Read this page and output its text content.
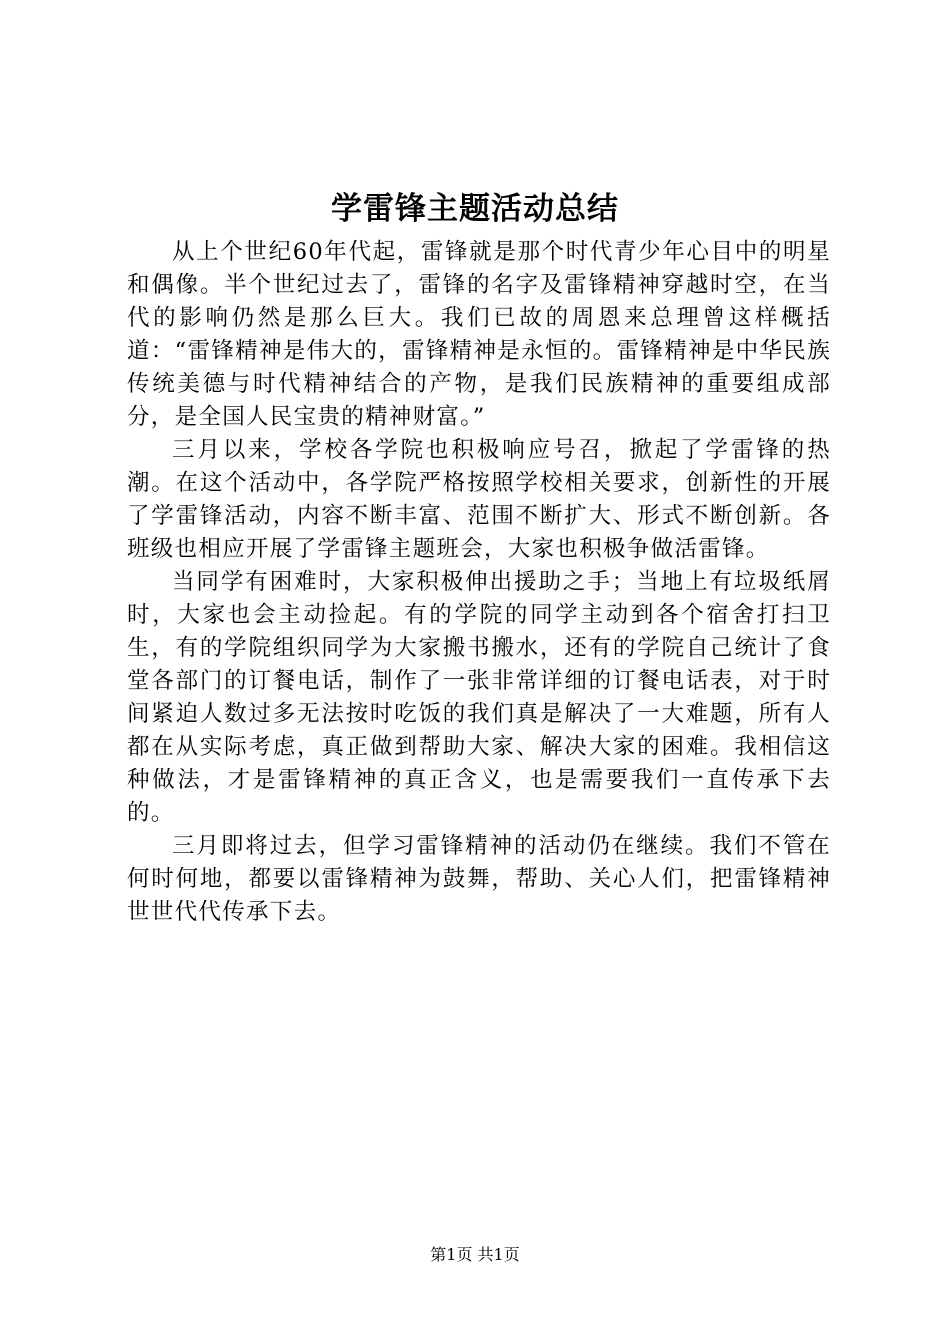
学雷锋主题活动总结

从上个世纪60年代起，雷锋就是那个时代青少年心目中的明星和偶像。半个世纪过去了，雷锋的名字及雷锋精神穿越时空，在当代的影响仍然是那么巨大。我们已故的周恩来总理曾这样概括道：“雷锋精神是伟大的，雷锋精神是永恒的。雷锋精神是中华民族传统美德与时代精神结合的产物，是我们民族精神的重要组成部分，是全国人民宝贵的精神财富。”

三月以来，学校各学院也积极响应号召，掀起了学雷锋的热潮。在这个活动中，各学院严格按照学校相关要求，创新性的开展了学雷锋活动，内容不断丰富、范围不断扩大、形式不断创新。各班级也相应开展了学雷锋主题班会，大家也积极争做活雷锋。

当同学有困难时，大家积极伸出援助之手；当地上有垃圾纸屑时，大家也会主动捡起。有的学院的同学主动到各个宿舍打扫卫生，有的学院组织同学为大家搬书搬水，还有的学院自己统计了食堂各部门的订餐电话，制作了一张非常详细的订餐电话表，对于时间紧迫人数过多无法按时吃饭的我们真是解决了一大难题，所有人都在从实际考虑，真正做到帮助大家、解决大家的困难。我相信这种做法，才是雷锋精神的真正含义，也是需要我们一直传承下去的。

三月即将过去，但学习雷锋精神的活动仍在继续。我们不管在何时何地，都要以雷锋精神为鼓舞，帮助、关心人们，把雷锋精神世世代代传承下去。

第1页 共1页
